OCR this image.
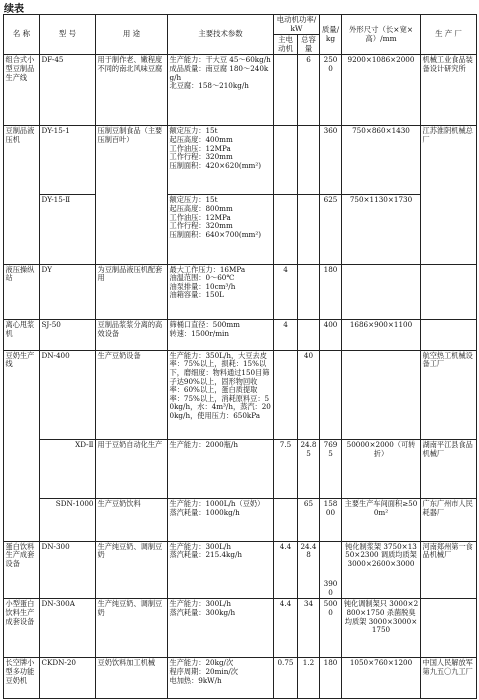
续表
名 称	型 号	用 途	主要技术参数	电动机功率/kW		质量/kg	外形尺寸（长×宽×高）/mm	生 产 厂
				主电动机	总容量			
组合式小型豆制品生产线	DF-45	用于制作老、嫩程度不同的南北风味豆腐	生产能力：干大豆 45～60kg/h
成品质量：南豆腐 180～240kg/h
北豆腐：158～210kg/h		6	2500	9200×1086×2000	机械工业食品装备设计研究所
豆制品液压机	DY-15-1	压制豆制食品（主要压制百叶）	额定压力：15t
起压高度：400mm
工作油压：12MPa
工作行程：320mm
压制面积：420×620(mm²)			360	750×860×1430	江苏淮阴机械总厂
	DY-15-Ⅱ		额定压力：15t
起压高度：800mm
工作油压：12MPa
工作行程：320mm
压制面积：640×700(mm²)			625	750×1130×1730	
液压操纵站	DY	为豆制品液压机配套用	最大工作压力：16MPa
油温范围：0～60℃
油泵排量：10cm³/h
油箱容量：150L	4		180		
离心甩浆机	SJ-50	豆制品浆浆分离的高效设备	筛桶口直径：500mm
转速：1500r/min	4		400	1686×900×1100	
豆奶生产线	DN-400	生产豆奶设备	生产能力：350L/h，大豆去皮率：75%以上，损耗：15%以下，磨细度：物料通过150目筛子达90%以上，固形物回收率：60%以上，蛋白质提取率：75%以上，消耗原料豆：50kg/h，水：4m³/h，蒸汽：200kg/h，使用压力：650kPa		40			航空热工机械设备工厂
	XD-Ⅱ	用于豆奶自动化生产	生产能力：2000瓶/h	7.5	24.85	7695	50000×2000（可转折）	湖南平江县食品机械厂
	SDN-1000	生产豆奶饮料	生产能力：1000L/h（豆奶）
蒸汽耗量：1000kg/h		65	15800	主要生产车间面积≥500m²	广东广州市人民耗器厂
蛋白饮料生产成套设备	DN-300	生产纯豆奶、调制豆奶	生产能力：300L/h
蒸汽耗量：215.4kg/h	4.4	24.48	3900	钝化制浆架 3750×1350×2300 调质均质架 3000×2600×3000	河南郑州第一食品机械厂
小型蛋白饮料生产成套设备	DN-300A	生产纯豆奶、调制豆奶	生产能力：300L/h
蒸汽耗量：300kg/h	4.4	34	5000	钝化调制架只 3000×2800×1750 杀菌脱臭均质架 3000×3000×1750	
长空牌小型多功能豆奶机	CKDN-20	豆奶饮料加工机械	生产能力：20kg/次
程序周期：20min/次
电加热：9kW/h	0.75	1.2	180	1050×760×1200	中国人民解放军第九五〇九工厂
